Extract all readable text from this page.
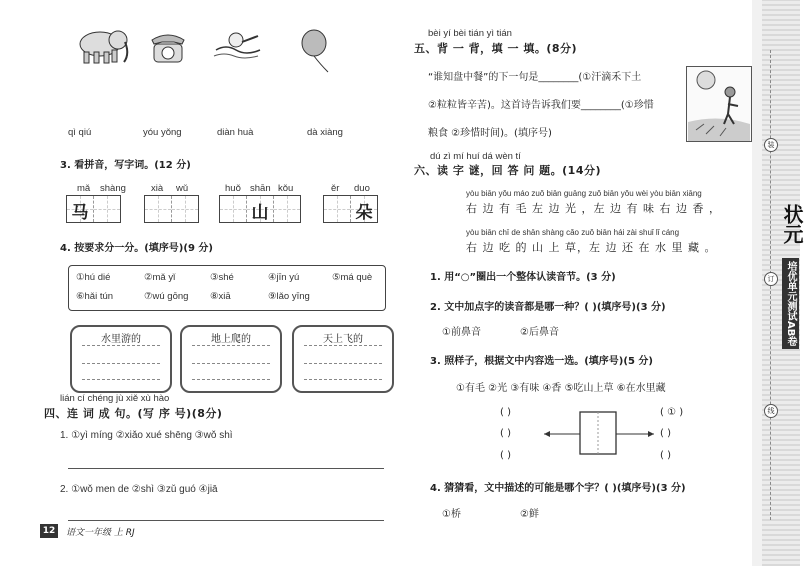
qì qiú	yóu yǒng	diàn huà	dà xiàng
3. 看拼音，写字词。(12 分)
mǎ shàng
马
xià wǔ	huǒ shān kǒu
山
ěr duo
朵
4. 按要求分一分。(填序号)(9 分)
①hú dié	②mǎ yǐ	③shé	④jīn yú	⑤má què
⑥hǎi tún	⑦wú gōng ⑧xiā	⑨lǎo yīng
水里游的	地上爬的	天上飞的
lián cí chéng jù xiě xù hào
四、连 词 成 句。(写 序 号)(8分)
1. ①yì míng ②xiǎo xué shēng ③wǒ shì
2. ①wǒ men de ②shì ③zǔ guó ④jiā
12	语文一年级 上 RJ
bèi yí bèi tián yì tián
五、背 一 背，填 一 填。(8分)
“谁知盘中餐”的下一句是________(①汗滴禾下土
②粒粒皆辛苦)。这首诗告诉我们要________(①珍惜
粮食 ②珍惜时间)。(填序号)
dú zì mí huí dá wèn tí
六、读 字 谜，回 答 问 题。(14分)
yòu biān yǒu máo zuǒ biān guāng zuǒ biān yǒu wèi yòu biān xiāng
右 边 有 毛 左 边 光 ，左 边 有 味 右 边 香 ，
yòu biān chī de shān shàng cǎo zuǒ biān hái zài shuǐ lǐ cáng
右 边 吃 的 山 上 草，左 边 还 在 水 里 藏 。
1. 用“○”圈出一个整体认读音节。(3 分)
2. 文中加点字的读音都是哪一种？( )(填序号)(3 分)
①前鼻音	②后鼻音
3. 照样子，根据文中内容选一选。(填序号)(5 分)
①有毛 ②光 ③有味 ④香 ⑤吃山上草 ⑥在水里藏
( )
( )
( )
( ① )
( )
( )
4. 猜猜看，文中描述的可能是哪个字？( )(填序号)(3 分)
①桥	②鲜
装
订
线
状元
培优单元测试AB卷
